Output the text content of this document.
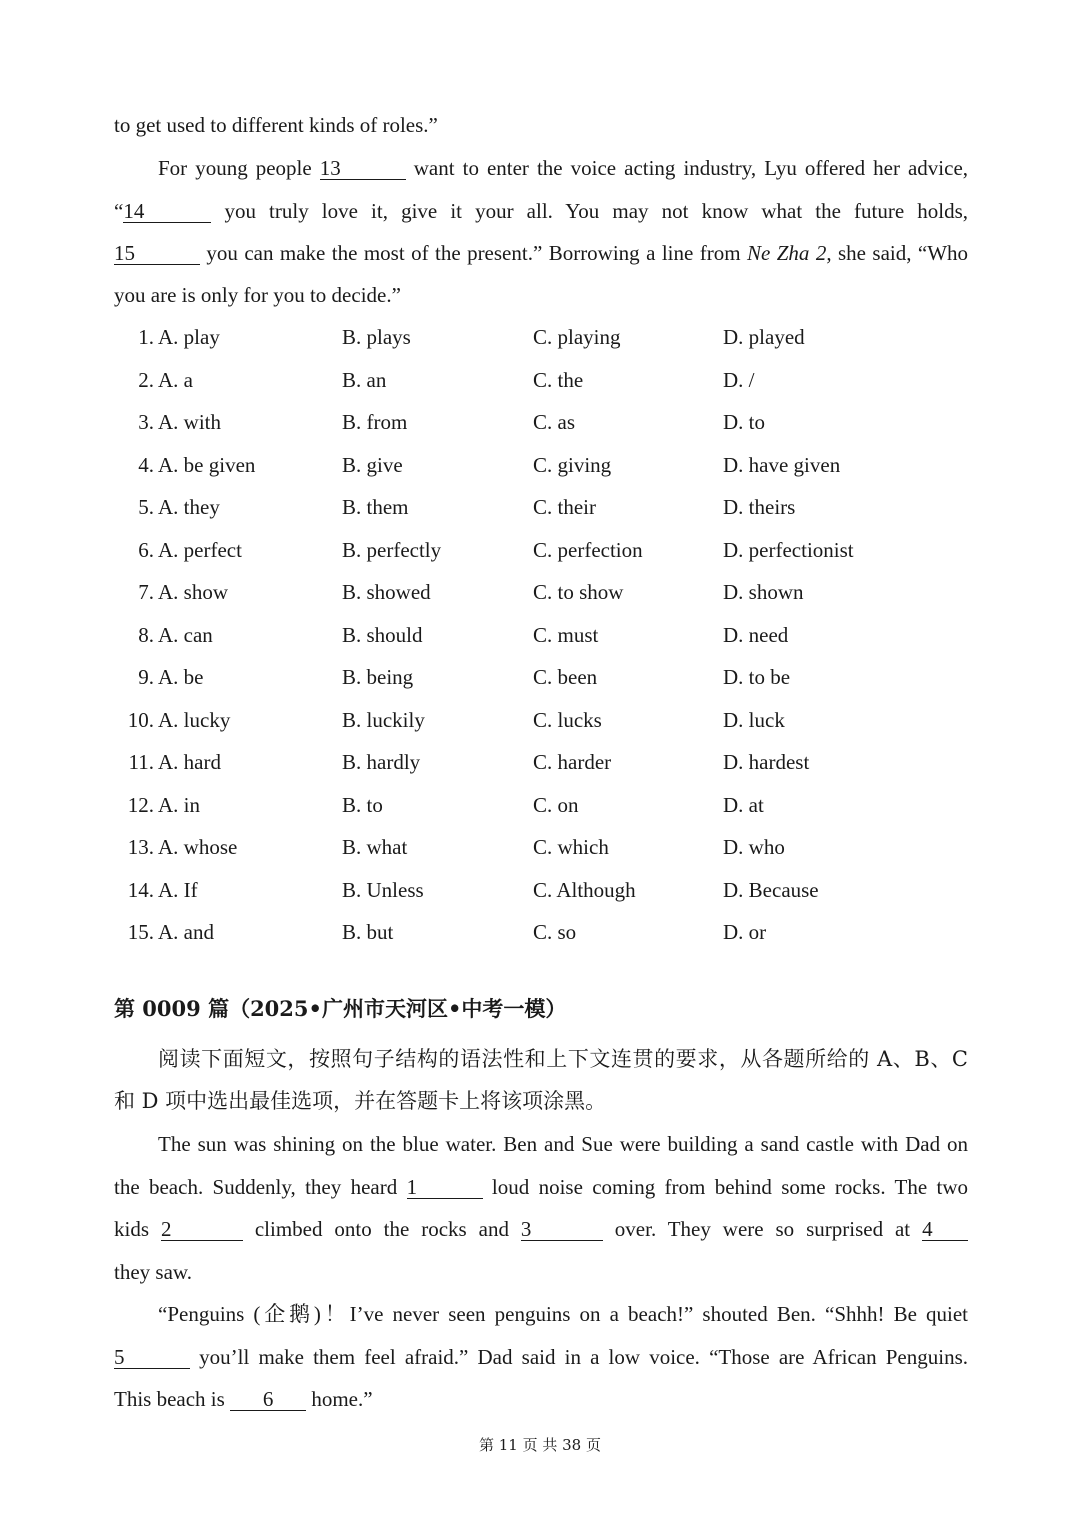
to get used to different kinds of roles.”
For young people 13	want to enter the voice acting industry, Lyu offered her advice,
“14	you truly love it, give it your all. You may not know what the future holds,
15	you can make the most of the present.” Borrowing a line from Ne Zha 2, she said, “Who
you are is only for you to decide.”
1. A. play	B. plays	C. playing	D. played
2. A. a	B. an	C. the	D. /
3. A. with	B. from	C. as	D. to
4. A. be given	B. give	C. giving	D. have given
5. A. they	B. them	C. their	D. theirs
6. A. perfect	B. perfectly	C. perfection	D. perfectionist
7. A. show	B. showed	C. to show	D. shown
8. A. can	B. should	C. must	D. need
9. A. be	B. being	C. been	D. to be
10. A. lucky	B. luckily	C. lucks	D. luck
11. A. hard	B. hardly	C. harder	D. hardest
12. A. in	B. to	C. on	D. at
13. A. whose	B. what	C. which	D. who
14. A. If	B. Unless	C. Although	D. Because
15. A. and	B. but	C. so	D. or
第 0009 篇（2025•广州市天河区•中考一模）
阅读下面短文，按照句子结构的语法性和上下文连贯的要求，从各题所给的 A、B、C
和 D 项中选出最佳选项，并在答题卡上将该项涂黑。
The sun was shining on the blue water. Ben and Sue were building a sand castle with Dad on
the beach. Suddenly, they heard 1	loud noise coming from behind some rocks. The two
kids 2	climbed onto the rocks and 3	over. They were so surprised at 4
they saw.
“Penguins (企鹅)！I’ve never seen penguins on a beach!” shouted Ben. “Shhh! Be quiet
5	you’ll make them feel afraid.” Dad said in a low voice. “Those are African Penguins.
This beach is 6 home.”
第 11 页 共 38 页
